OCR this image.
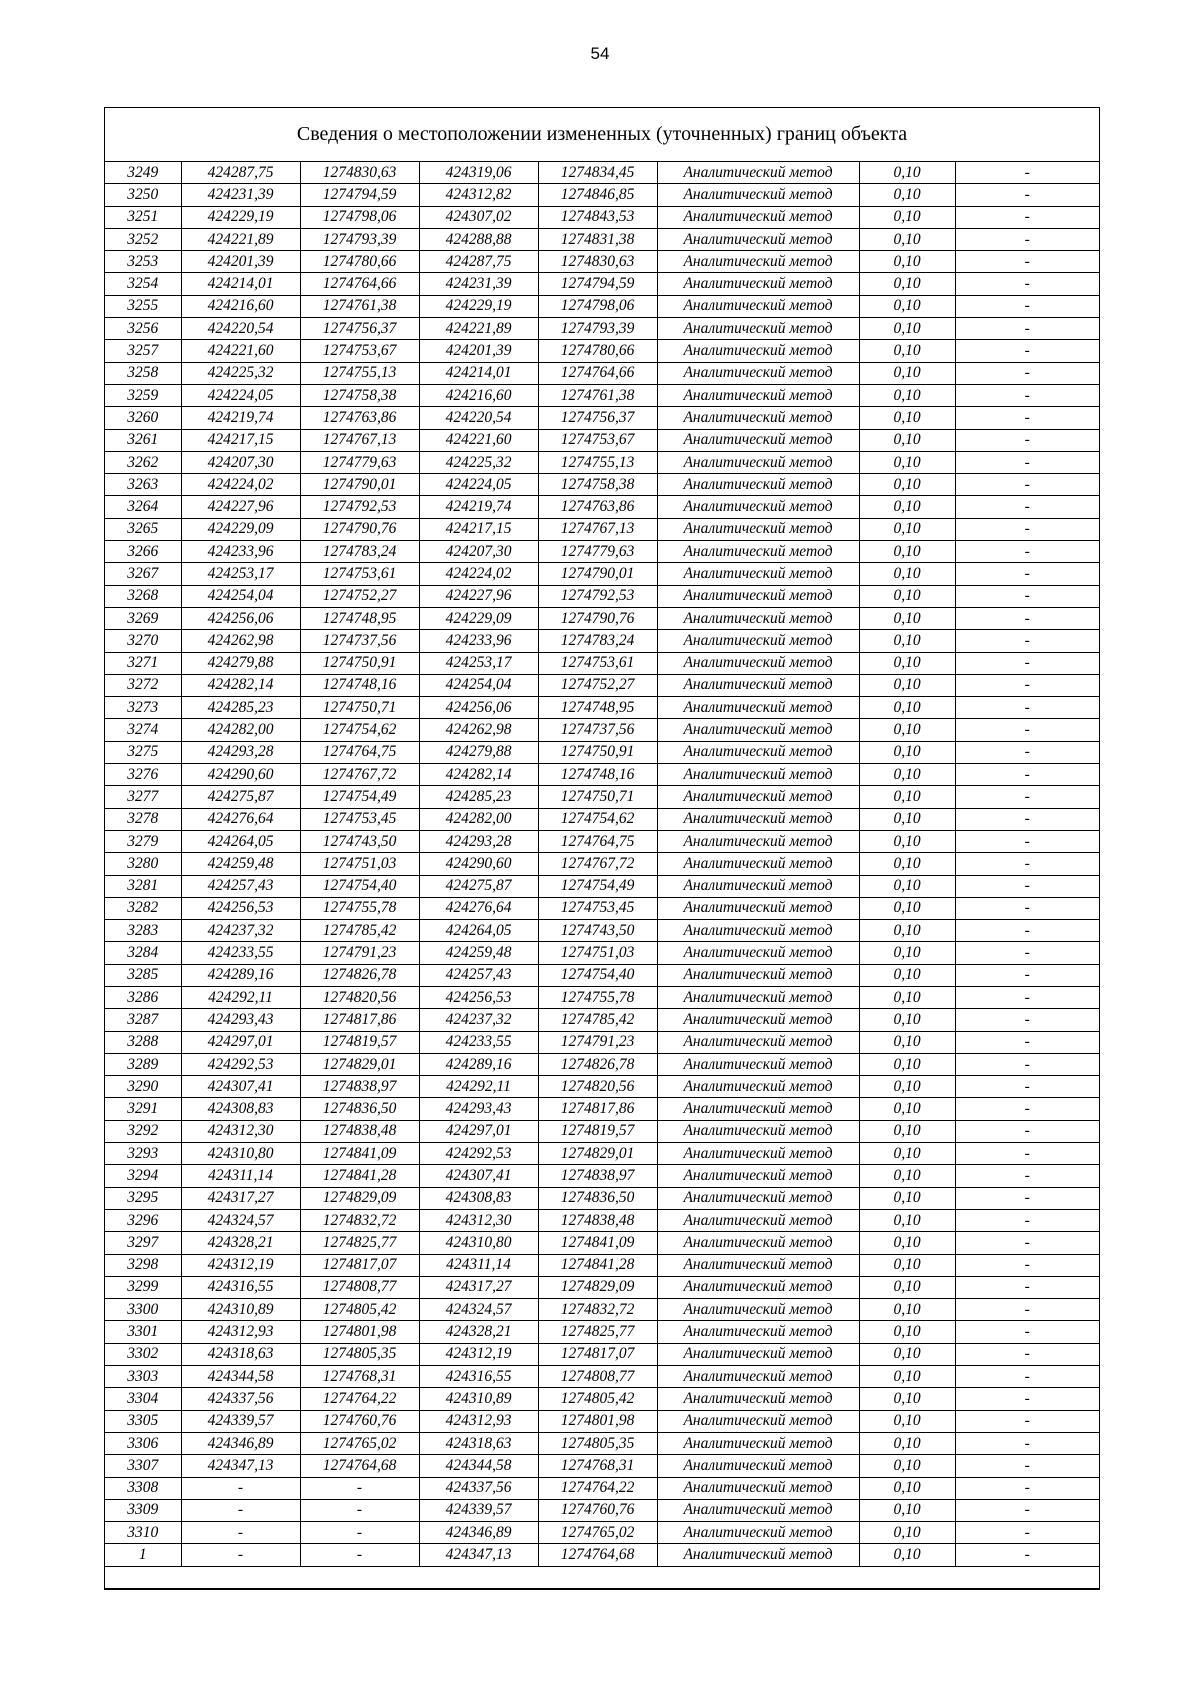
54
Сведения о местоположении измененных (уточненных) границ объекта
3249	424287,75	1274830,63	424319,06	1274834,45	Аналитический метод	0,10	-
3250	424231,39	1274794,59	424312,82	1274846,85	Аналитический метод	0,10	-
3251	424229,19	1274798,06	424307,02	1274843,53	Аналитический метод	0,10	-
3252	424221,89	1274793,39	424288,88	1274831,38	Аналитический метод	0,10	-
3253	424201,39	1274780,66	424287,75	1274830,63	Аналитический метод	0,10	-
3254	424214,01	1274764,66	424231,39	1274794,59	Аналитический метод	0,10	-
3255	424216,60	1274761,38	424229,19	1274798,06	Аналитический метод	0,10	-
3256	424220,54	1274756,37	424221,89	1274793,39	Аналитический метод	0,10	-
3257	424221,60	1274753,67	424201,39	1274780,66	Аналитический метод	0,10	-
3258	424225,32	1274755,13	424214,01	1274764,66	Аналитический метод	0,10	-
3259	424224,05	1274758,38	424216,60	1274761,38	Аналитический метод	0,10	-
3260	424219,74	1274763,86	424220,54	1274756,37	Аналитический метод	0,10	-
3261	424217,15	1274767,13	424221,60	1274753,67	Аналитический метод	0,10	-
3262	424207,30	1274779,63	424225,32	1274755,13	Аналитический метод	0,10	-
3263	424224,02	1274790,01	424224,05	1274758,38	Аналитический метод	0,10	-
3264	424227,96	1274792,53	424219,74	1274763,86	Аналитический метод	0,10	-
3265	424229,09	1274790,76	424217,15	1274767,13	Аналитический метод	0,10	-
3266	424233,96	1274783,24	424207,30	1274779,63	Аналитический метод	0,10	-
3267	424253,17	1274753,61	424224,02	1274790,01	Аналитический метод	0,10	-
3268	424254,04	1274752,27	424227,96	1274792,53	Аналитический метод	0,10	-
3269	424256,06	1274748,95	424229,09	1274790,76	Аналитический метод	0,10	-
3270	424262,98	1274737,56	424233,96	1274783,24	Аналитический метод	0,10	-
3271	424279,88	1274750,91	424253,17	1274753,61	Аналитический метод	0,10	-
3272	424282,14	1274748,16	424254,04	1274752,27	Аналитический метод	0,10	-
3273	424285,23	1274750,71	424256,06	1274748,95	Аналитический метод	0,10	-
3274	424282,00	1274754,62	424262,98	1274737,56	Аналитический метод	0,10	-
3275	424293,28	1274764,75	424279,88	1274750,91	Аналитический метод	0,10	-
3276	424290,60	1274767,72	424282,14	1274748,16	Аналитический метод	0,10	-
3277	424275,87	1274754,49	424285,23	1274750,71	Аналитический метод	0,10	-
3278	424276,64	1274753,45	424282,00	1274754,62	Аналитический метод	0,10	-
3279	424264,05	1274743,50	424293,28	1274764,75	Аналитический метод	0,10	-
3280	424259,48	1274751,03	424290,60	1274767,72	Аналитический метод	0,10	-
3281	424257,43	1274754,40	424275,87	1274754,49	Аналитический метод	0,10	-
3282	424256,53	1274755,78	424276,64	1274753,45	Аналитический метод	0,10	-
3283	424237,32	1274785,42	424264,05	1274743,50	Аналитический метод	0,10	-
3284	424233,55	1274791,23	424259,48	1274751,03	Аналитический метод	0,10	-
3285	424289,16	1274826,78	424257,43	1274754,40	Аналитический метод	0,10	-
3286	424292,11	1274820,56	424256,53	1274755,78	Аналитический метод	0,10	-
3287	424293,43	1274817,86	424237,32	1274785,42	Аналитический метод	0,10	-
3288	424297,01	1274819,57	424233,55	1274791,23	Аналитический метод	0,10	-
3289	424292,53	1274829,01	424289,16	1274826,78	Аналитический метод	0,10	-
3290	424307,41	1274838,97	424292,11	1274820,56	Аналитический метод	0,10	-
3291	424308,83	1274836,50	424293,43	1274817,86	Аналитический метод	0,10	-
3292	424312,30	1274838,48	424297,01	1274819,57	Аналитический метод	0,10	-
3293	424310,80	1274841,09	424292,53	1274829,01	Аналитический метод	0,10	-
3294	424311,14	1274841,28	424307,41	1274838,97	Аналитический метод	0,10	-
3295	424317,27	1274829,09	424308,83	1274836,50	Аналитический метод	0,10	-
3296	424324,57	1274832,72	424312,30	1274838,48	Аналитический метод	0,10	-
3297	424328,21	1274825,77	424310,80	1274841,09	Аналитический метод	0,10	-
3298	424312,19	1274817,07	424311,14	1274841,28	Аналитический метод	0,10	-
3299	424316,55	1274808,77	424317,27	1274829,09	Аналитический метод	0,10	-
3300	424310,89	1274805,42	424324,57	1274832,72	Аналитический метод	0,10	-
3301	424312,93	1274801,98	424328,21	1274825,77	Аналитический метод	0,10	-
3302	424318,63	1274805,35	424312,19	1274817,07	Аналитический метод	0,10	-
3303	424344,58	1274768,31	424316,55	1274808,77	Аналитический метод	0,10	-
3304	424337,56	1274764,22	424310,89	1274805,42	Аналитический метод	0,10	-
3305	424339,57	1274760,76	424312,93	1274801,98	Аналитический метод	0,10	-
3306	424346,89	1274765,02	424318,63	1274805,35	Аналитический метод	0,10	-
3307	424347,13	1274764,68	424344,58	1274768,31	Аналитический метод	0,10	-
3308	-	-	424337,56	1274764,22	Аналитический метод	0,10	-
3309	-	-	424339,57	1274760,76	Аналитический метод	0,10	-
3310	-	-	424346,89	1274765,02	Аналитический метод	0,10	-
1	-	-	424347,13	1274764,68	Аналитический метод	0,10	-
